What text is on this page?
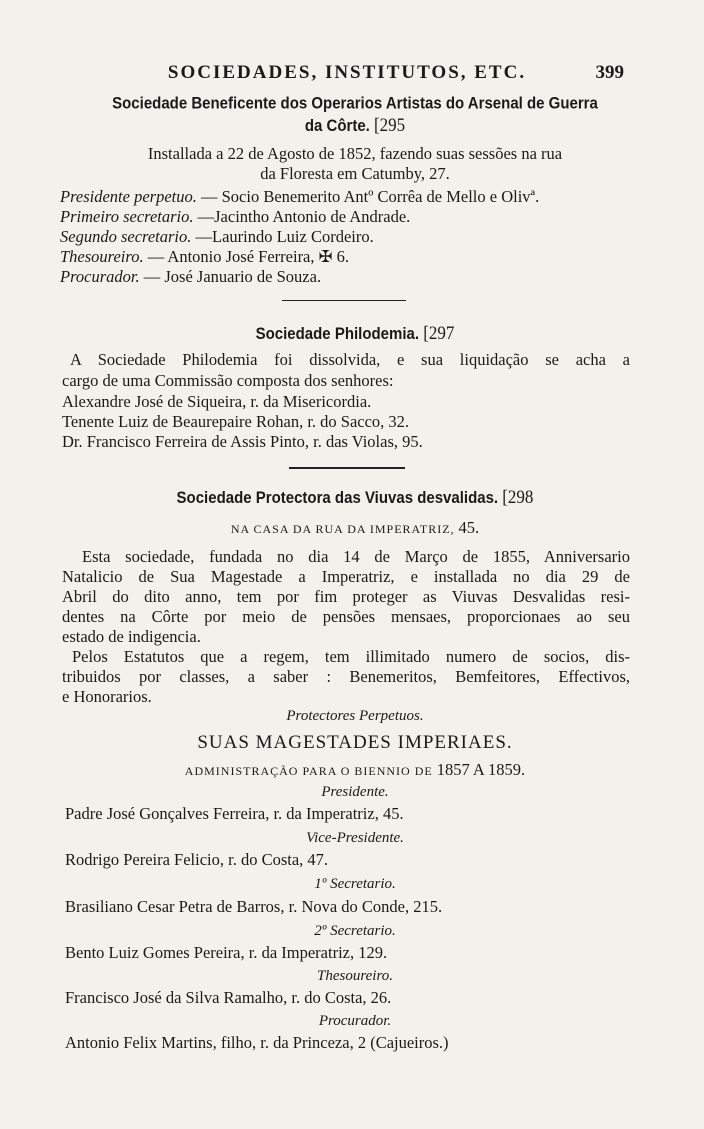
SOCIEDADES, INSTITUTOS, ETC.	399
Sociedade Beneficente dos Operarios Artistas do Arsenal de Guerra
da Côrte. [295
Installada a 22 de Agosto de 1852, fazendo suas sessões na rua
da Floresta em Catumby, 27.
Presidente perpetuo. — Socio Benemerito Antº Corrêa de Mello e Olivª.
Primeiro secretario. —Jacintho Antonio de Andrade.
Segundo secretario. —Laurindo Luiz Cordeiro.
Thesoureiro. — Antonio José Ferreira, ✠ 6.
Procurador. — José Januario de Souza.
Sociedade Philodemia. [297
A Sociedade Philodemia foi dissolvida, e sua liquidação se acha a
cargo de uma Commissão composta dos senhores:
Alexandre José de Siqueira, r. da Misericordia.
Tenente Luiz de Beaurepaire Rohan, r. do Sacco, 32.
Dr. Francisco Ferreira de Assis Pinto, r. das Violas, 95.
Sociedade Protectora das Viuvas desvalidas. [298
NA CASA DA RUA DA IMPERATRIZ, 45.
Esta sociedade, fundada no dia 14 de Março de 1855, Anniversario
Natalicio de Sua Magestade a Imperatriz, e installada no dia 29 de
Abril do dito anno, tem por fim proteger as Viuvas Desvalidas resi-
dentes na Côrte por meio de pensões mensaes, proporcionaes ao seu
estado de indigencia.
Pelos Estatutos que a regem, tem illimitado numero de socios, dis-
tribuidos por classes, a saber : Benemeritos, Bemfeitores, Effectivos,
e Honorarios.
Protectores Perpetuos.
SUAS MAGESTADES IMPERIAES.
ADMINISTRAÇÃO PARA O BIENNIO DE 1857 A 1859.
Presidente.
Padre José Gonçalves Ferreira, r. da Imperatriz, 45.
Vice-Presidente.
Rodrigo Pereira Felicio, r. do Costa, 47.
1º Secretario.
Brasiliano Cesar Petra de Barros, r. Nova do Conde, 215.
2º Secretario.
Bento Luiz Gomes Pereira, r. da Imperatriz, 129.
Thesoureiro.
Francisco José da Silva Ramalho, r. do Costa, 26.
Procurador.
Antonio Felix Martins, filho, r. da Princeza, 2 (Cajueiros.)
